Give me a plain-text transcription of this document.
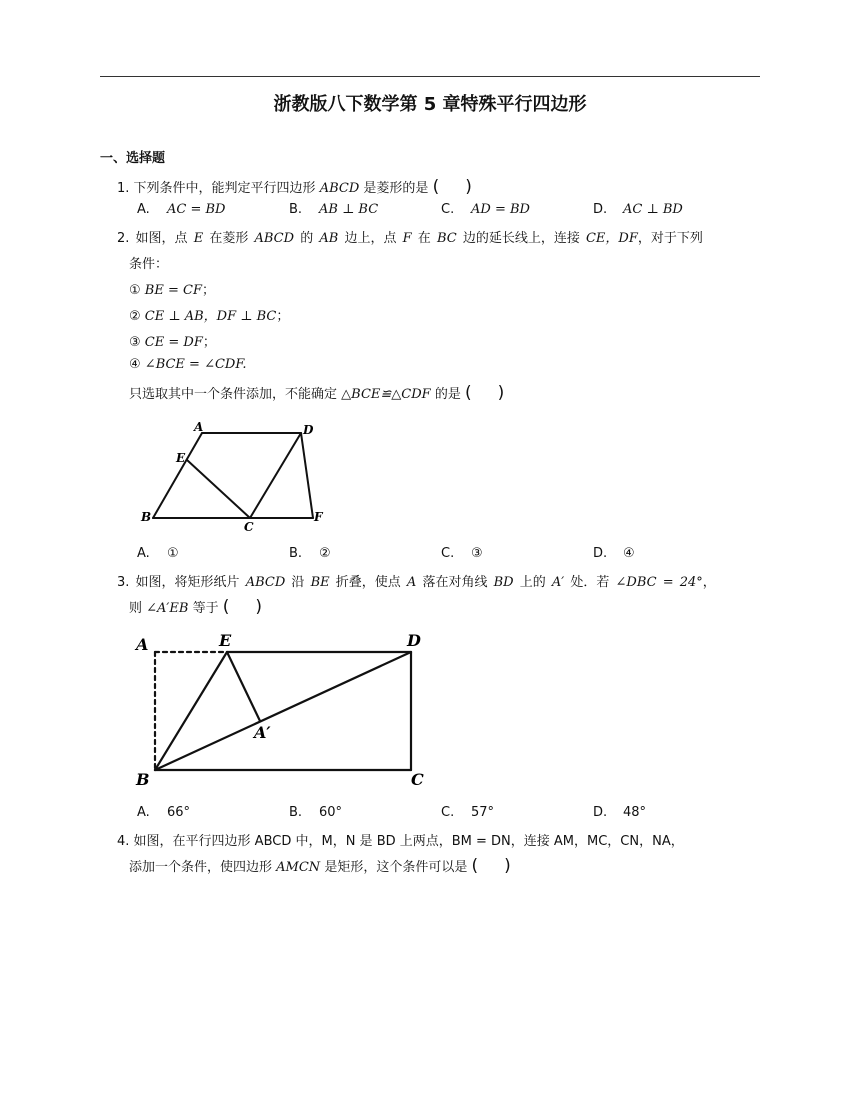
浙教版八下数学第 5 章特殊平行四边形
一、选择题
1. 下列条件中，能判定平行四边形 ABCD 是菱形的是 ( )
A. AC = BD	B. AB ⊥ BC	C. AD = BD	D. AC ⊥ BD
2. 如图，点 E 在菱形 ABCD 的 AB 边上，点 F 在 BC 边的延长线上，连接 CE，DF，对于下列
条件：
① BE = CF；
② CE ⊥ AB，DF ⊥ BC；
③ CE = DF；
④ ∠BCE = ∠CDF.
只选取其中一个条件添加，不能确定 △BCE≌△CDF 的是 ( )
A	D
E
B
C
F
A. ①	B. ②	C. ③	D. ④
3. 如图，将矩形纸片 ABCD 沿 BE 折叠，使点 A 落在对角线 BD 上的 A′ 处．若 ∠DBC = 24°，
则 ∠A′EB 等于 ( )
A	E	D
A′
B	C
A. 66°	B. 60°	C. 57°	D. 48°
4. 如图，在平行四边形 ABCD 中，M，N 是 BD 上两点，BM = DN，连接 AM，MC，CN，NA，
添加一个条件，使四边形 AMCN 是矩形，这个条件可以是 ( )
